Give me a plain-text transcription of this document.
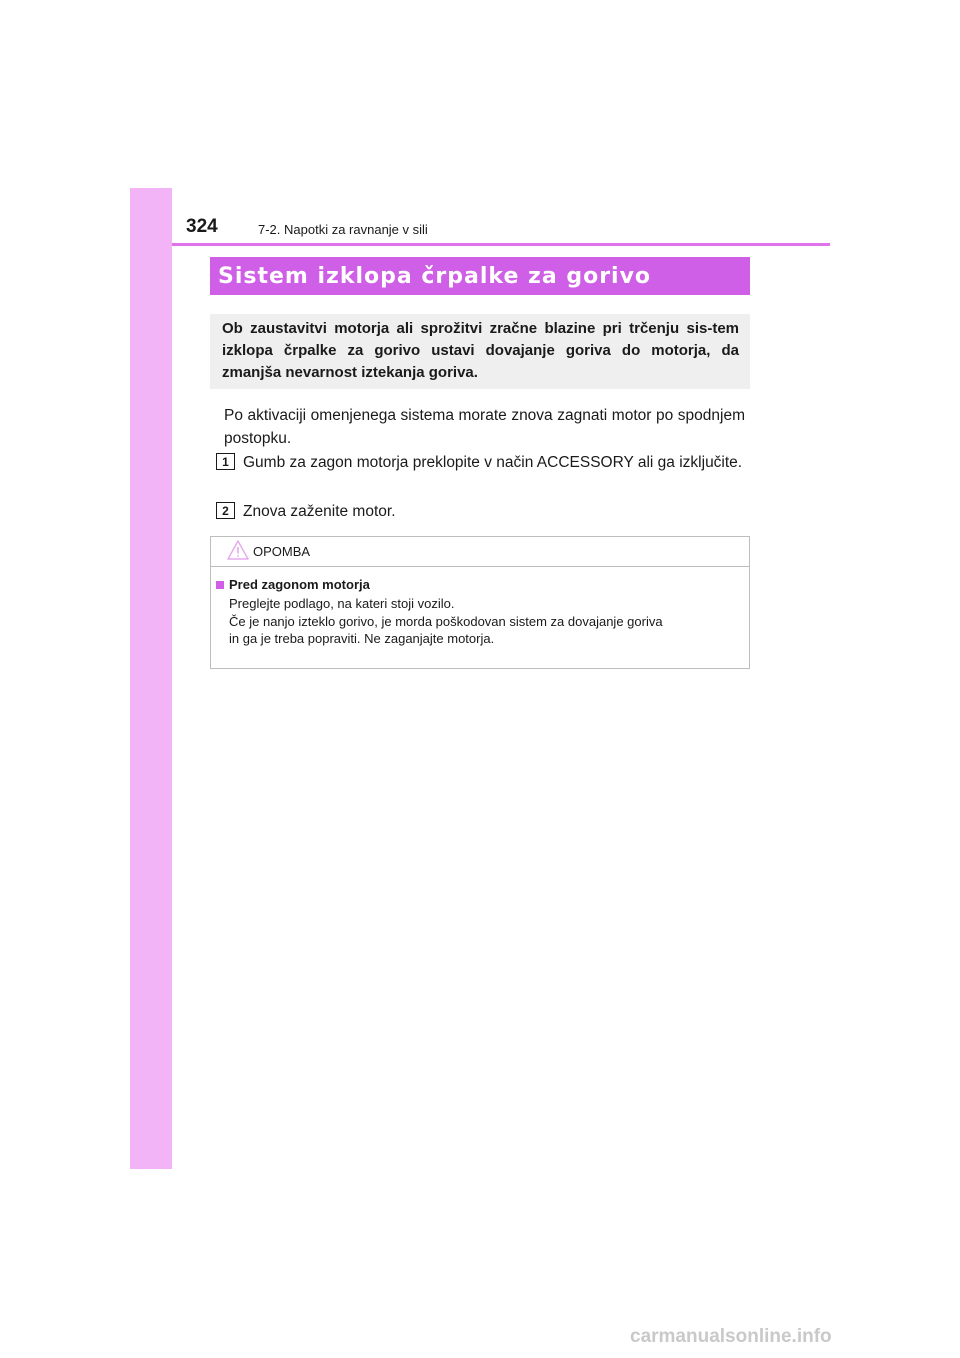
324	7-2. Napotki za ravnanje v sili
Sistem izklopa črpalke za gorivo

Ob zaustavitvi motorja ali sprožitvi zračne blazine pri trčenju sis-tem izklopa črpalke za gorivo ustavi dovajanje goriva do motorja, da zmanjša nevarnost iztekanja goriva.

Po aktivaciji omenjenega sistema morate znova zagnati motor po spodnjem postopku.

1 Gumb za zagon motorja preklopite v način ACCESSORY ali ga izključite.

2 Znova zaženite motor.

OPOMBA
Pred zagonom motorja
Preglejte podlago, na kateri stoji vozilo.
Če je nanjo izteklo gorivo, je morda poškodovan sistem za dovajanje goriva
in ga je treba popraviti. Ne zaganjajte motorja.
carmanualsonline.info
